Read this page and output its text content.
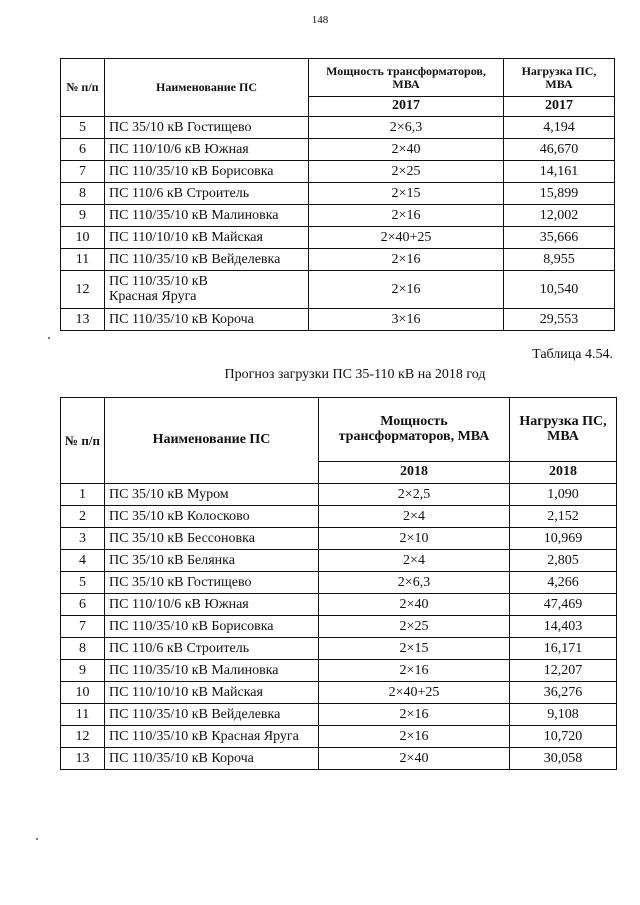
148
№ п/п	Наименование ПС	Мощность трансформаторов, МВА	Нагрузка ПС, МВА
		2017	2017
5	ПС 35/10 кВ Гостищево	2×6,3	4,194
6	ПС 110/10/6 кВ Южная	2×40	46,670
7	ПС 110/35/10 кВ Борисовка	2×25	14,161
8	ПС 110/6 кВ Строитель	2×15	15,899
9	ПС 110/35/10 кВ Малиновка	2×16	12,002
10	ПС 110/10/10 кВ Майская	2×40+25	35,666
11	ПС 110/35/10 кВ Вейделевка	2×16	8,955
12	ПС 110/35/10 кВ Красная Яруга	2×16	10,540
13	ПС 110/35/10 кВ Короча	3×16	29,553
Таблица 4.54.
Прогноз загрузки ПС 35-110 кВ на 2018 год
№ п/п	Наименование ПС	Мощность трансформаторов, МВА	Нагрузка ПС, МВА
		2018	2018
1	ПС 35/10 кВ Муром	2×2,5	1,090
2	ПС 35/10 кВ Колосково	2×4	2,152
3	ПС 35/10 кВ Бессоновка	2×10	10,969
4	ПС 35/10 кВ Белянка	2×4	2,805
5	ПС 35/10 кВ Гостищево	2×6,3	4,266
6	ПС 110/10/6 кВ Южная	2×40	47,469
7	ПС 110/35/10 кВ Борисовка	2×25	14,403
8	ПС 110/6 кВ Строитель	2×15	16,171
9	ПС 110/35/10 кВ Малиновка	2×16	12,207
10	ПС 110/10/10 кВ Майская	2×40+25	36,276
11	ПС 110/35/10 кВ Вейделевка	2×16	9,108
12	ПС 110/35/10 кВ Красная Яруга	2×16	10,720
13	ПС 110/35/10 кВ Короча	2×40	30,058
